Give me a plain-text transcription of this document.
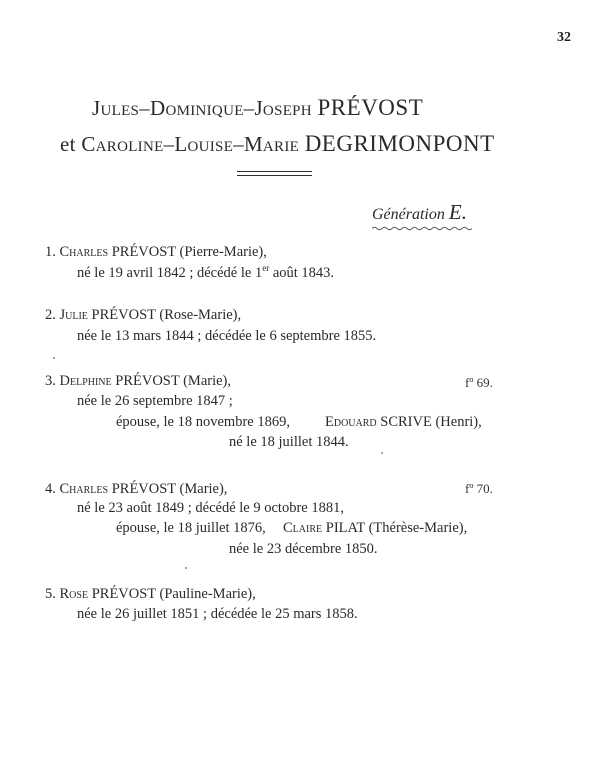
32
Jules–Dominique–Joseph PRÉVOST
et Caroline–Louise–Marie DEGRIMONPONT
Génération E.
1. Charles PRÉVOST (Pierre-Marie),
né le 19 avril 1842 ; décédé le 1er août 1843.
2. Julie PRÉVOST (Rose-Marie),
née le 13 mars 1844 ; décédée le 6 septembre 1855.
3. Delphine PRÉVOST (Marie),	fº 69.
née le 26 septembre 1847 ;
épouse, le 18 novembre 1869, Edouard SCRIVE (Henri),
né le 18 juillet 1844.
4. Charles PRÉVOST (Marie),	fº 70.
né le 23 août 1849 ; décédé le 9 octobre 1881,
épouse, le 18 juillet 1876, Claire PILAT (Thérèse-Marie),
née le 23 décembre 1850.
5. Rose PRÉVOST (Pauline-Marie),
née le 26 juillet 1851 ; décédée le 25 mars 1858.
